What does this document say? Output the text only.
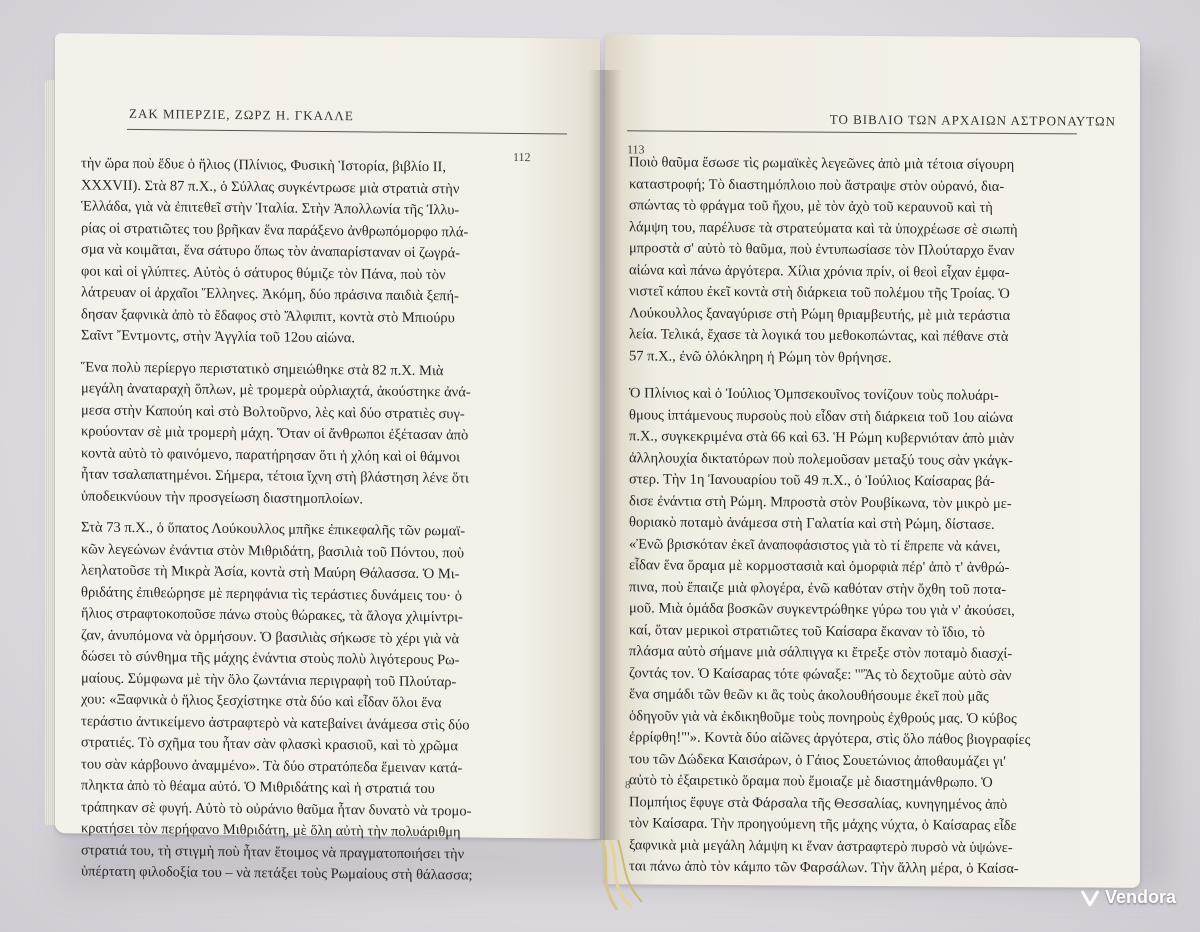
ΖΑΚ ΜΠΕΡΖΙΕ, ΖΩΡΖ Η. ΓΚΑΛΛΕ
112
τὴν ὥρα ποὺ ἔδυε ὁ ἥλιος (Πλίνιος, Φυσικὴ Ἱστορία, βιβλίο ΙΙ,
XXXVII). Στὰ 87 π.Χ., ὁ Σύλλας συγκέντρωσε μιὰ στρατιὰ στὴν
Ἑλλάδα, γιὰ νὰ ἐπιτεθεῖ στὴν Ἰταλία. Στὴν Ἀπολλωνία τῆς Ἰλλυ-
ρίας οἱ στρατιῶτες του βρῆκαν ἕνα παράξενο ἀνθρωπόμορφο πλά-
σμα νὰ κοιμᾶται, ἕνα σάτυρο ὅπως τὸν ἀναπαρίσταναν οἱ ζωγρά-
φοι καὶ οἱ γλύπτες. Αὐτὸς ὁ σάτυρος θύμιζε τὸν Πάνα, ποὺ τὸν
λάτρευαν οἱ ἀρχαῖοι Ἕλληνες. Ἀκόμη, δύο πράσινα παιδιὰ ξεπή-
δησαν ξαφνικὰ ἀπὸ τὸ ἔδαφος στὸ Ἄλφιπιτ, κοντὰ στὸ Μπιούρυ
Σαῖντ Ἔντμοντς, στὴν Ἀγγλία τοῦ 12ου αἰώνα.
Ἕνα πολὺ περίεργο περιστατικὸ σημειώθηκε στὰ 82 π.Χ. Μιὰ
μεγάλη ἀναταραχὴ ὅπλων, μὲ τρομερὰ οὐρλιαχτά, ἀκούστηκε ἀνά-
μεσα στὴν Καπούη καὶ στὸ Βολτοῦρνο, λὲς καὶ δύο στρατιὲς συγ-
κρούονταν σὲ μιὰ τρομερὴ μάχη. Ὅταν οἱ ἄνθρωποι ἐξέτασαν ἀπὸ
κοντὰ αὐτὸ τὸ φαινόμενο, παρατήρησαν ὅτι ἡ χλόη καὶ οἱ θάμνοι
ἦταν τσαλαπατημένοι. Σήμερα, τέτοια ἴχνη στὴ βλάστηση λένε ὅτι
ὑποδεικνύουν τὴν προσγείωση διαστημοπλοίων.
Στὰ 73 π.Χ., ὁ ὕπατος Λούκουλλος μπῆκε ἐπικεφαλῆς τῶν ρωμαϊ-
κῶν λεγεώνων ἐνάντια στὸν Μιθριδάτη, βασιλιὰ τοῦ Πόντου, ποὺ
λεηλατοῦσε τὴ Μικρὰ Ἀσία, κοντὰ στὴ Μαύρη Θάλασσα. Ὁ Μι-
θριδάτης ἐπιθεώρησε μὲ περηφάνια τὶς τεράστιες δυνάμεις του· ὁ
ἥλιος στραφτοκοποῦσε πάνω στοὺς θώρακες, τὰ ἄλογα χλιμίντρι-
ζαν, ἀνυπόμονα νὰ ὁρμήσουν. Ὁ βασιλιὰς σήκωσε τὸ χέρι γιὰ νὰ
δώσει τὸ σύνθημα τῆς μάχης ἐνάντια στοὺς πολὺ λιγότερους Ρω-
μαίους. Σύμφωνα μὲ τὴν ὅλο ζωντάνια περιγραφὴ τοῦ Πλούταρ-
χου: «Ξαφνικὰ ὁ ἥλιος ξεσχίστηκε στὰ δύο καὶ εἶδαν ὅλοι ἕνα
τεράστιο ἀντικείμενο ἀστραφτερὸ νὰ κατεβαίνει ἀνάμεσα στὶς δύο
στρατιές. Τὸ σχῆμα του ἦταν σὰν φλασκὶ κρασιοῦ, καὶ τὸ χρῶμα
του σὰν κάρβουνο ἀναμμένο». Τὰ δύο στρατόπεδα ἔμειναν κατά-
πληκτα ἀπὸ τὸ θέαμα αὐτό. Ὁ Μιθριδάτης καὶ ἡ στρατιά του
τράπηκαν σὲ φυγή. Αὐτὸ τὸ οὐράνιο θαῦμα ἦταν δυνατὸ νὰ τρομο-
κρατήσει τὸν περήφανο Μιθριδάτη, μὲ ὅλη αὐτὴ τὴν πολυάριθμη
στρατιά του, τὴ στιγμὴ ποὺ ἦταν ἕτοιμος νὰ πραγματοποιήσει τὴν
ὑπέρτατη φιλοδοξία του – νὰ πετάξει τοὺς Ρωμαίους στὴ θάλασσα;
ΤΟ ΒΙΒΛΙΟ ΤΩΝ ΑΡΧΑΙΩΝ ΑΣΤΡΟΝΑΥΤΩΝ
113
Ποιὸ θαῦμα ἔσωσε τὶς ρωμαϊκὲς λεγεῶνες ἀπὸ μιὰ τέτοια σίγουρη
καταστροφή; Τὸ διαστημόπλοιο ποὺ ἄστραψε στὸν οὐρανό, δια-
σπώντας τὸ φράγμα τοῦ ἤχου, μὲ τὸν ἀχὸ τοῦ κεραυνοῦ καὶ τὴ
λάμψη του, παρέλυσε τὰ στρατεύματα καὶ τὰ ὑποχρέωσε σὲ σιωπὴ
μπροστὰ σ' αὐτὸ τὸ θαῦμα, ποὺ ἐντυπωσίασε τὸν Πλούταρχο ἕναν
αἰώνα καὶ πάνω ἀργότερα. Χίλια χρόνια πρίν, οἱ θεοὶ εἶχαν ἐμφα-
νιστεῖ κάπου ἐκεῖ κοντὰ στὴ διάρκεια τοῦ πολέμου τῆς Τροίας. Ὁ
Λούκουλλος ξαναγύρισε στὴ Ρώμη θριαμβευτής, μὲ μιὰ τεράστια
λεία. Τελικά, ἔχασε τὰ λογικά του μεθοκοπώντας, καὶ πέθανε στὰ
57 π.Χ., ἐνῶ ὁλόκληρη ἡ Ρώμη τὸν θρήνησε.
Ὁ Πλίνιος καὶ ὁ Ἰούλιος Ὀμπσεκουῖνος τονίζουν τοὺς πολυάρι-
θμους ἱπτάμενους πυρσοὺς ποὺ εἶδαν στὴ διάρκεια τοῦ 1ου αἰώνα
π.Χ., συγκεκριμένα στὰ 66 καὶ 63. Ἡ Ρώμη κυβερνιόταν ἀπὸ μιὰν
ἀλληλουχία δικτατόρων ποὺ πολεμοῦσαν μεταξύ τους σὰν γκάγκ-
στερ. Τὴν 1η Ἰανουαρίου τοῦ 49 π.Χ., ὁ Ἰούλιος Καίσαρας βά-
δισε ἐνάντια στὴ Ρώμη. Μπροστὰ στὸν Ρουβίκωνα, τὸν μικρὸ με-
θοριακὸ ποταμὸ ἀνάμεσα στὴ Γαλατία καὶ στὴ Ρώμη, δίστασε.
«Ἐνῶ βρισκόταν ἐκεῖ ἀναποφάσιστος γιὰ τὸ τί ἔπρεπε νὰ κάνει,
εἶδαν ἕνα ὅραμα μὲ κορμοστασιὰ καὶ ὀμορφιὰ πέρ' ἀπὸ τ' ἀνθρώ-
πινα, ποὺ ἔπαιζε μιὰ φλογέρα, ἐνῶ καθόταν στὴν ὄχθη τοῦ ποτα-
μοῦ. Μιὰ ὁμάδα βοσκῶν συγκεντρώθηκε γύρω του γιὰ ν' ἀκούσει,
καί, ὅταν μερικοὶ στρατιῶτες τοῦ Καίσαρα ἔκαναν τὸ ἴδιο, τὸ
πλάσμα αὐτὸ σήμανε μιὰ σάλπιγγα κι ἔτρεξε στὸν ποταμὸ διασχί-
ζοντάς τον. Ὁ Καίσαρας τότε φώναξε: '"Ἂς τὸ δεχτοῦμε αὐτὸ σὰν
ἕνα σημάδι τῶν θεῶν κι ἂς τοὺς ἀκολουθήσουμε ἐκεῖ ποὺ μᾶς
ὁδηγοῦν γιὰ νὰ ἐκδικηθοῦμε τοὺς πονηροὺς ἐχθρούς μας. Ὁ κύβος
ἐρρίφθη!"'». Κοντὰ δύο αἰῶνες ἀργότερα, στὶς ὅλο πάθος βιογραφίες
του τῶν Δώδεκα Καισάρων, ὁ Γάιος Σουετώνιος ἀποθαυμάζει γι'
αὐτὸ τὸ ἐξαιρετικὸ ὅραμα ποὺ ἔμοιαζε μὲ διαστημάνθρωπο. Ὁ
Πομπήιος ἔφυγε στὰ Φάρσαλα τῆς Θεσσαλίας, κυνηγημένος ἀπὸ
τὸν Καίσαρα. Τὴν προηγούμενη τῆς μάχης νύχτα, ὁ Καίσαρας εἶδε
ξαφνικὰ μιὰ μεγάλη λάμψη κι ἕναν ἀστραφτερὸ πυρσὸ νὰ ὑψώνε-
ται πάνω ἀπὸ τὸν κάμπο τῶν Φαρσάλων. Τὴν ἄλλη μέρα, ὁ Καίσα-
8
Vendora
